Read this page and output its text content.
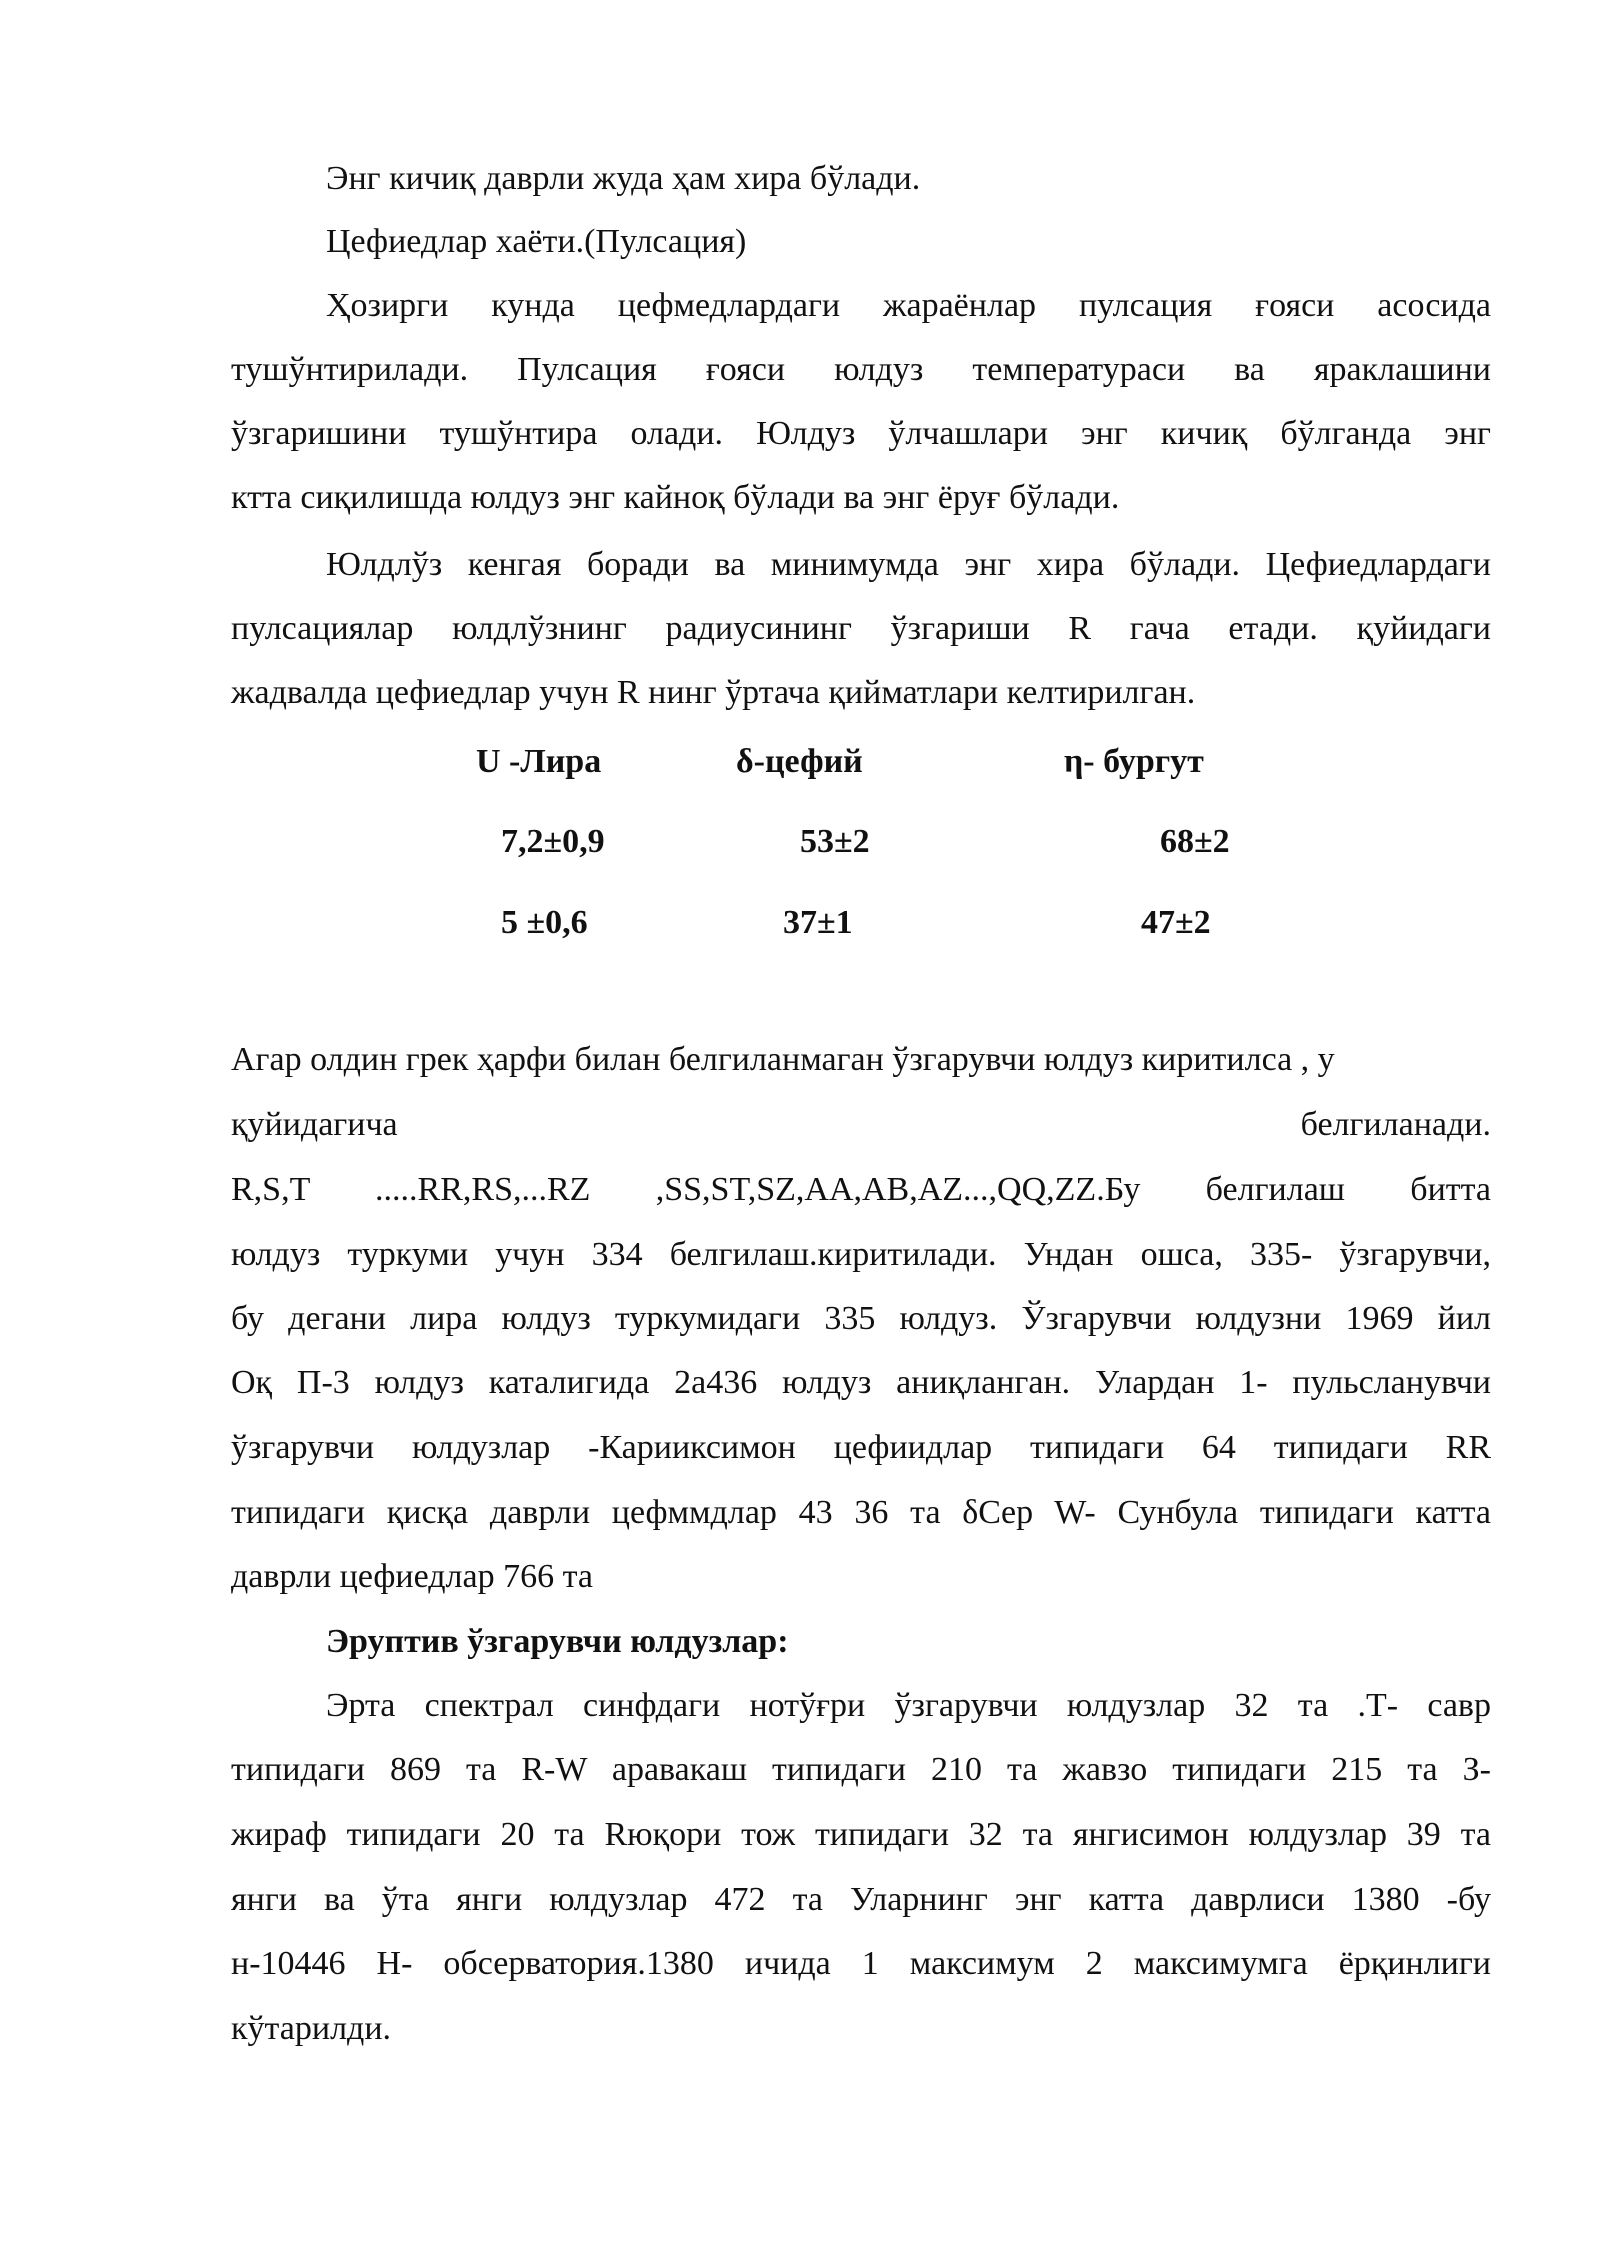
Энг кичиқ даврли жуда ҳам хира бўлади.
Цефиедлар хаёти.(Пулсация)
Ҳозирги кунда цефмедлардаги жараёнлар пулсация ғояси асосида
тушўнтирилади. Пулсация ғояси юлдуз температураси ва яраклашини
ўзгаришини тушўнтира олади. Юлдуз ўлчашлари энг кичиқ бўлганда энг
кттa сиқилишда юлдуз энг кайноқ бўлади ва энг ёруғ бўлади.
Юлдлўз кенгая боради ва минимумда энг хира бўлади. Цефиедлардаги
пулсациялар юлдлўзнинг радиусининг ўзгариши R гача етади. қуйидаги
жадвалда цефиедлар учун R нинг ўртача қийматлари келтирилган.
U -Лира	δ-цефий	η- бургут
7,2±0,9	53±2	68±2
5 ±0,6	37±1	47±2
Агар олдин грек ҳарфи билан белгиланмаган ўзгарувчи юлдуз киритилса , у
қуйидагича	белгиланади.
R,S,T .....RR,RS,...RZ ,SS,ST,SZ,AA,AB,AZ...,QQ,ZZ.Бу белгилаш битта
юлдуз туркуми учун 334 белгилаш.киритилади. Ундан ошса, 335- ўзгарувчи,
бу дегани лира юлдуз туркумидаги 335 юлдуз. Ўзгарувчи юлдузни 1969 йил
Оқ П-3 юлдуз каталигида 2a436 юлдуз аниқланган. Улардан 1- пульсланувчи
ўзгарувчи юлдузлар -Карииксимон цефиидлар типидаги 64 типидаги RR
типидаги қисқа даврли цефммдлар 43 36 та δCep W- Сунбула типидаги катта
даврли цефиедлар 766 та
Эруптив ўзгарувчи юлдузлар:
Эрта спектрал синфдаги нотўғри ўзгарувчи юлдузлар 32 та .Т- савр
типидаги 869 та R-W аравакаш типидаги 210 та жавзо типидаги 215 та З-
жираф типидаги 20 та Rюқори тож типидаги 32 та янгисимон юлдузлар 39 та
янги ва ўта янги юлдузлар 472 та Уларнинг энг катта даврлиси 1380 -бу
н-10446 Н- обсерватория.1380 ичида 1 максимум 2 максимумга ёрқинлиги
кўтарилди.
